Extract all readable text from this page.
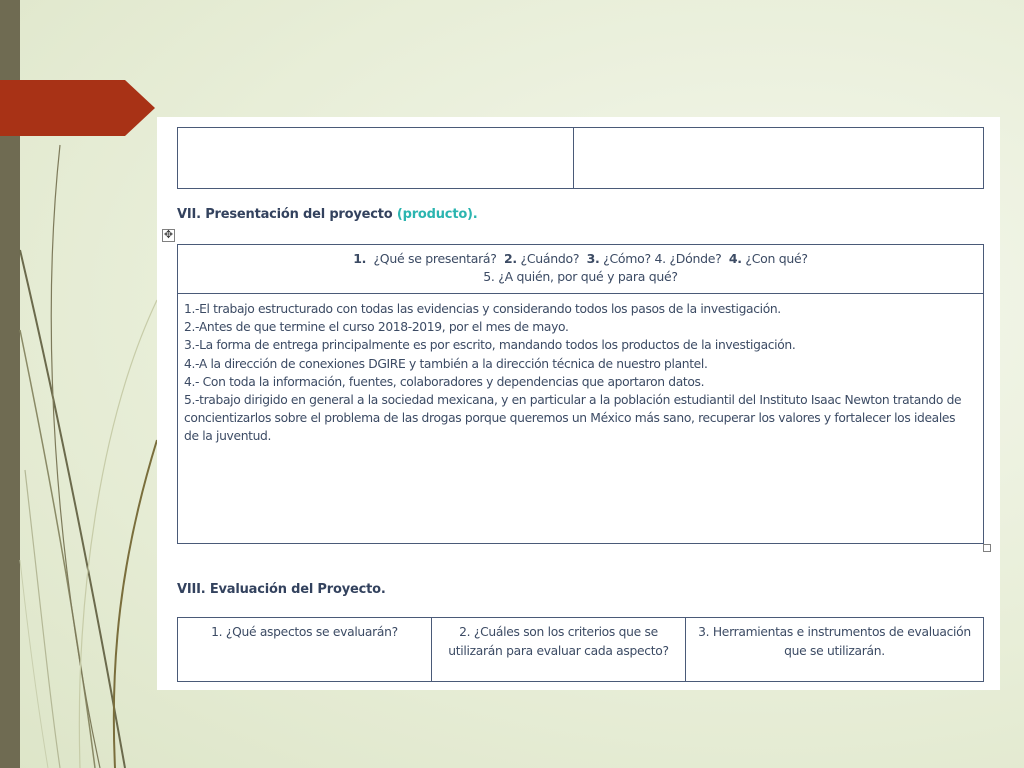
VII. Presentación del proyecto (producto).
✥
1. ¿Qué se presentará? 2. ¿Cuándo? 3. ¿Cómo? 4. ¿Dónde? 4. ¿Con qué?
5. ¿A quién, por qué y para qué?
1.-El trabajo estructurado con todas las evidencias y considerando todos los pasos de la investigación.
2.-Antes de que termine el curso 2018-2019, por el mes de mayo.
3.-La forma de entrega principalmente es por escrito, mandando todos los productos de la investigación.
4.-A la dirección de conexiones DGIRE y también a la dirección técnica de nuestro plantel.
4.- Con toda la información, fuentes, colaboradores y dependencias que aportaron datos.
5.-trabajo dirigido en general a la sociedad mexicana, y en particular a la población estudiantil del Instituto Isaac Newton tratando de concientizarlos sobre el problema de las drogas porque queremos un México más sano, recuperar los valores y fortalecer los ideales de la juventud.
VIII. Evaluación del Proyecto.
1. ¿Qué aspectos se evaluarán?	2. ¿Cuáles son los criterios que se utilizarán para evaluar cada aspecto?
3. Herramientas e instrumentos de evaluación que se utilizarán.
